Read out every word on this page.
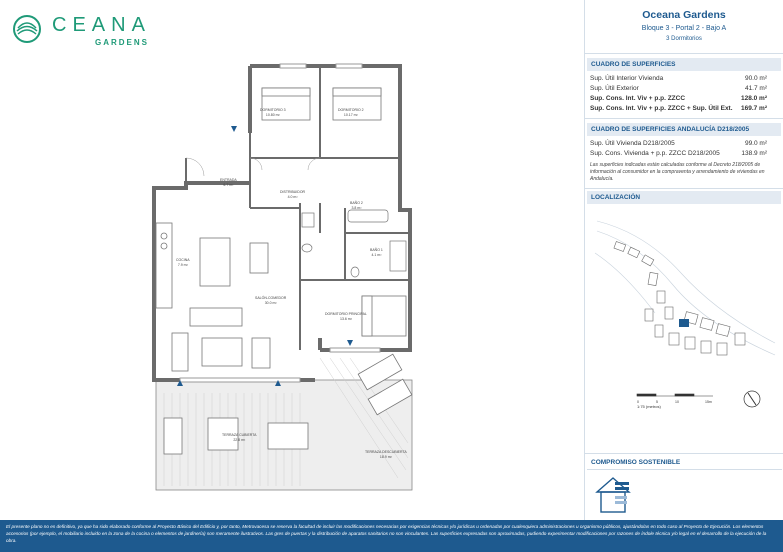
CEANA
GARDENS
DORMITORIO 3
10.80 m²
DORMITORIO 2
10.17 m²
ENTRADA
6.7 m²
DISTRIBUIDOR
4.0 m²
BAÑO 2
3.8 m²
BAÑO 1
4.1 m²
COCINA
7.9 m²
SALÓN-COMEDOR
30.0 m²
DORMITORIO PRINCIPAL
13.6 m²
TERRAZA CUBIERTA
22.8 m²
TERRAZA DESCUBIERTA
18.9 m²
Oceana Gardens
Bloque 3 - Portal 2 - Bajo A
3 Dormitorios
CUADRO DE SUPERFICIES
Sup. Útil Interior Vivienda	90.0 m²
Sup. Útil Exterior	41.7 m²
Sup. Cons. Int. Viv + p.p. ZZCC	128.0 m²
Sup. Cons. Int. Viv + p.p. ZZCC + Sup. Útil Ext. 169.7 m²
CUADRO DE SUPERFICIES ANDALUCÍA D218/2005
Sup. Útil Vivienda D218/2005	99.0 m²
Sup. Cons. Vivienda + p.p. ZZCC D218/2005	138.9 m²
Las superficies indicadas están calculadas conforme al Decreto 218/2005 de información al consumidor en la compraventa y arrendamiento de viviendas en Andalucía.
LOCALIZACIÓN
1:75 (metros)
0	5	10	15m
COMPROMISO SOSTENIBLE
El presente plano no es definitivo, ya que ha sido elaborado conforme al Proyecto Básico del Edificio y, por tanto, Metrovacesa se reserva la facultad de incluir las modificaciones necesarias por exigencias técnicas y/o jurídicas u ordenadas por cualesquiera administraciones u organismo públicos, ajustándolas en todo caso al Proyecto de Ejecución. Los elementos accesorios (por ejemplo, el mobiliario incluido en la zona de la cocina o elementos de jardinería) son meramente ilustrativos. Las gres de puertas y la distribución de aparatos sanitarios no son vinculantes. Las superficies expresadas son aproximadas, pudiendo experimentar modificaciones por razones de índole técnica y/o legal en el desarrollo de la ejecución de la obra.
